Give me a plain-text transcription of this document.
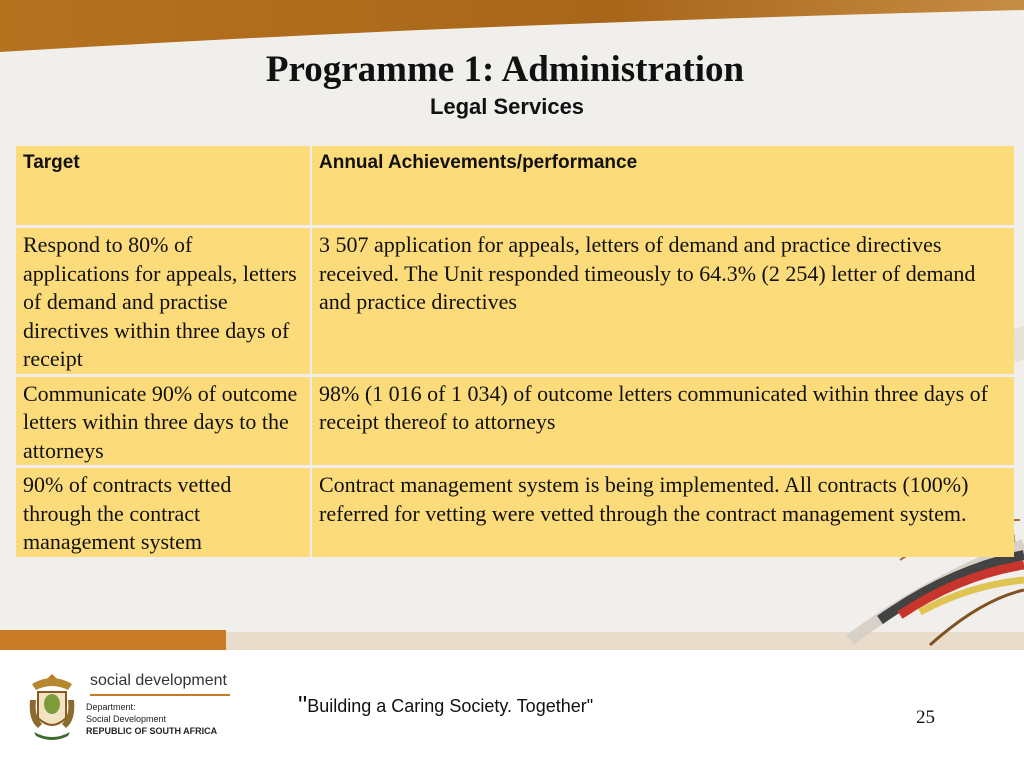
Programme 1: Administration
Legal Services
Target	Annual Achievements/performance
Respond to 80% of applications for appeals, letters of demand and practise directives within three days of receipt	3 507 application for appeals, letters of demand and practice directives received. The Unit responded timeously to 64.3% (2 254) letter of demand and practice directives
Communicate 90% of outcome letters within three days to the attorneys	98% (1 016 of 1 034) of outcome letters communicated within three days of receipt thereof to attorneys
90% of contracts vetted through the contract management system	Contract management system is being implemented. All contracts (100%) referred for vetting were vetted through the contract management system.
social development
Department:
Social Development
REPUBLIC OF SOUTH AFRICA
"Building a Caring Society. Together"
25
